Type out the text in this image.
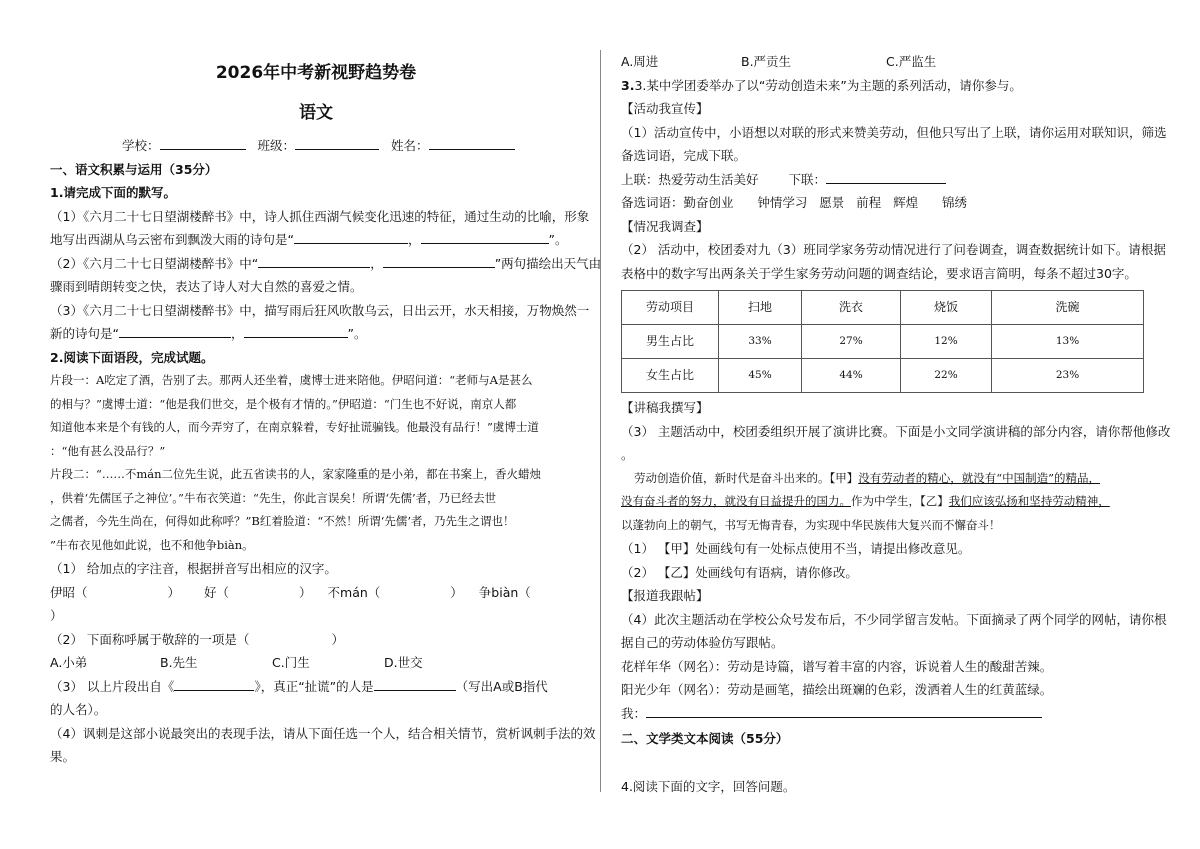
2026年中考新视野趋势卷

语文

学校：	班级：	姓名：

一、语文积累与运用（35分）

1.请完成下面的默写。

（1）《六月二十七日望湖楼醉书》中，诗人抓住西湖气候变化迅速的特征，通过生动的比喻，形象

地写出西湖从乌云密布到飘泼大雨的诗句是“	，	”。

（2）《六月二十七日望湖楼醉书》中“	，	”两句描绘出天气由

骤雨到晴朗转变之快，表达了诗人对大自然的喜爱之情。

（3）《六月二十七日望湖楼醉书》中，描写雨后狂风吹散乌云，日出云开，水天相接，万物焕然一

新的诗句是“	，	”。

2.阅读下面语段，完成试题。

片段一：A吃定了酒，告别了去。那两人还坐着，虞博士进来陪他。伊昭问道：“老师与A是甚么

的相与？”虞博士道：“他是我们世交，是个极有才情的。”伊昭道：“门生也不好说，南京人都

知道他本来是个有钱的人，而今弄穷了，在南京躲着，专好扯谎骗钱。他最没有品行！”虞博士道

：“他有甚么没品行？”

片段二：“……不mán二位先生说，此五省读书的人，家家隆重的是小弟，都在书案上，香火蜡烛

，供着‘先儒匡子之神位’。”牛布衣笑道：“先生，你此言误矣！所谓‘先儒’者，乃已经去世

之儒者，今先生尚在，何得如此称呼？”B红着脸道：“不然！所谓‘先儒’者，乃先生之谓也！

”牛布衣见他如此说，也不和他争biàn。

（1） 给加点的字注音，根据拼音写出相应的汉字。

伊昭（	） 好（	） 不mán（	） 争biàn（

）

（2） 下面称呼属于敬辞的一项是（	）

A.小弟	B.先生	C.门生	D.世交

（3） 以上片段出自《	》，真正“扯谎”的人是	（写出A或B指代

的人名）。

（4）讽刺是这部小说最突出的表现手法，请从下面任选一个人，结合相关情节，赏析讽刺手法的效

果。

A.周进	B.严贡生	C.严监生

3.3.某中学团委举办了以“劳动创造未来”为主题的系列活动，请你参与。

【活动我宣传】

（1）活动宣传中，小语想以对联的形式来赞美劳动，但他只写出了上联，请你运用对联知识，筛选

备选词语，完成下联。

上联：热爱劳动生活美好 下联：

备选词语：勤奋创业      钟情学习   愿景   前程   辉煌      锦绣

【情况我调查】

（2） 活动中，校团委对九（3）班同学家务劳动情况进行了问卷调查，调查数据统计如下。请根据

表格中的数字写出两条关于学生家务劳动问题的调查结论，要求语言简明，每条不超过30字。

劳动项目	扫地	洗衣	烧饭	洗碗
男生占比	33%	27%	12%	13%
女生占比	45%	44%	22%	23%

【讲稿我撰写】

（3） 主题活动中，校团委组织开展了演讲比赛。下面是小文同学演讲稿的部分内容，请你帮他修改

。

劳动创造价值，新时代是奋斗出来的。【甲】没有劳动者的精心，就没有“中国制造”的精品，

没有奋斗者的努力，就没有日益提升的国力。作为中学生，【乙】我们应该弘扬和坚持劳动精神，

以蓬勃向上的朝气，书写无悔青春，为实现中华民族伟大复兴而不懈奋斗！

（1） 【甲】处画线句有一处标点使用不当，请提出修改意见。

（2） 【乙】处画线句有语病，请你修改。

【报道我跟帖】

（4）此次主题活动在学校公众号发布后，不少同学留言发帖。下面摘录了两个同学的网帖，请你根

据自己的劳动体验仿写跟帖。

花样年华（网名）：劳动是诗篇，谱写着丰富的内容，诉说着人生的酸甜苦辣。

阳光少年（网名）：劳动是画笔，描绘出斑斓的色彩，泼洒着人生的红黄蓝绿。

我：

二、文学类文本阅读（55分）

4.阅读下面的文字，回答问题。
